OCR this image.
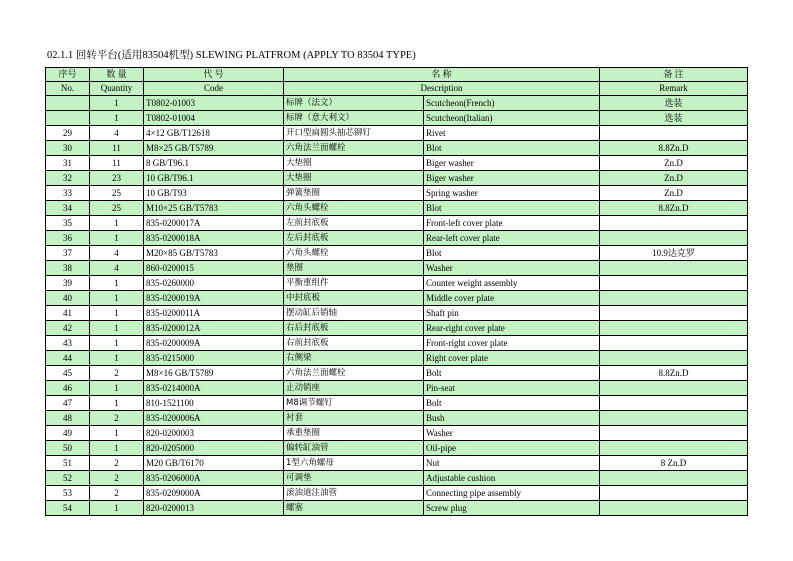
02.1.1 回转平台(适用83504机型) SLEWING PLATFROM (APPLY TO 83504 TYPE)
序号	数 量	代 号	名 称		备 注
No.	Quantity	Code	Description		Remark
	1	T0802-01003	标牌（法文）	Scutcheon(French)	选装
	1	T0802-01004	标牌（意大利文）	Scutcheon(Italian)	选装
29	4	4×12 GB/T12618	开口型扁圆头抽芯铆钉	Rivet	
30	11	M8×25 GB/T5789	六角法兰面螺栓	Blot	8.8Zn.D
31	11	8 GB/T96.1	大垫圈	Biger washer	Zn.D
32	23	10 GB/T96.1	大垫圈	Biger washer	Zn.D
33	25	10 GB/T93	弹簧垫圈	Spring washer	Zn.D
34	25	M10×25 GB/T5783	六角头螺栓	Blot	8.8Zn.D
35	1	835-0200017A	左前封底板	Front-left cover plate	
36	1	835-0200018A	左后封底板	Rear-left cover plate	
37	4	M20×85 GB/T5783	六角头螺栓	Blot	10.9达克罗
38	4	860-0200015	垫圈	Washer	
39	1	835-0260000	平衡重组件	Counter weight assembly	
40	1	835-0200019A	中封底板	Middle cover plate	
41	1	835-0200011A	摆动缸后销轴	Shaft pin	
42	1	835-0200012A	右后封底板	Rear-right cover plate	
43	1	835-0200009A	右前封底板	Front-right cover plate	
44	1	835-0215000	右侧梁	Right cover plate	
45	2	M8×16 GB/T5789	六角法兰面螺栓	Bolt	8.8Zn.D
46	1	835-0214000A	止动销座	Pin-seat	
47	1	810-1521100	M8调节螺钉	Bolt	
48	2	835-0200006A	衬套	Bush	
49	1	820-0200003	承重垫圈	Washer	
50	1	820-0205000	偏转缸油管	Oil-pipe	
51	2	M20 GB/T6170	1型六角螺母	Nut	8 Zn.D
52	2	835-0206000A	可调垫	Adjustable cushion	
53	2	835-0209000A	滚油道注油管	Connecting pipe assembly	
54	1	820-0200013	螺塞	Screw plug	
